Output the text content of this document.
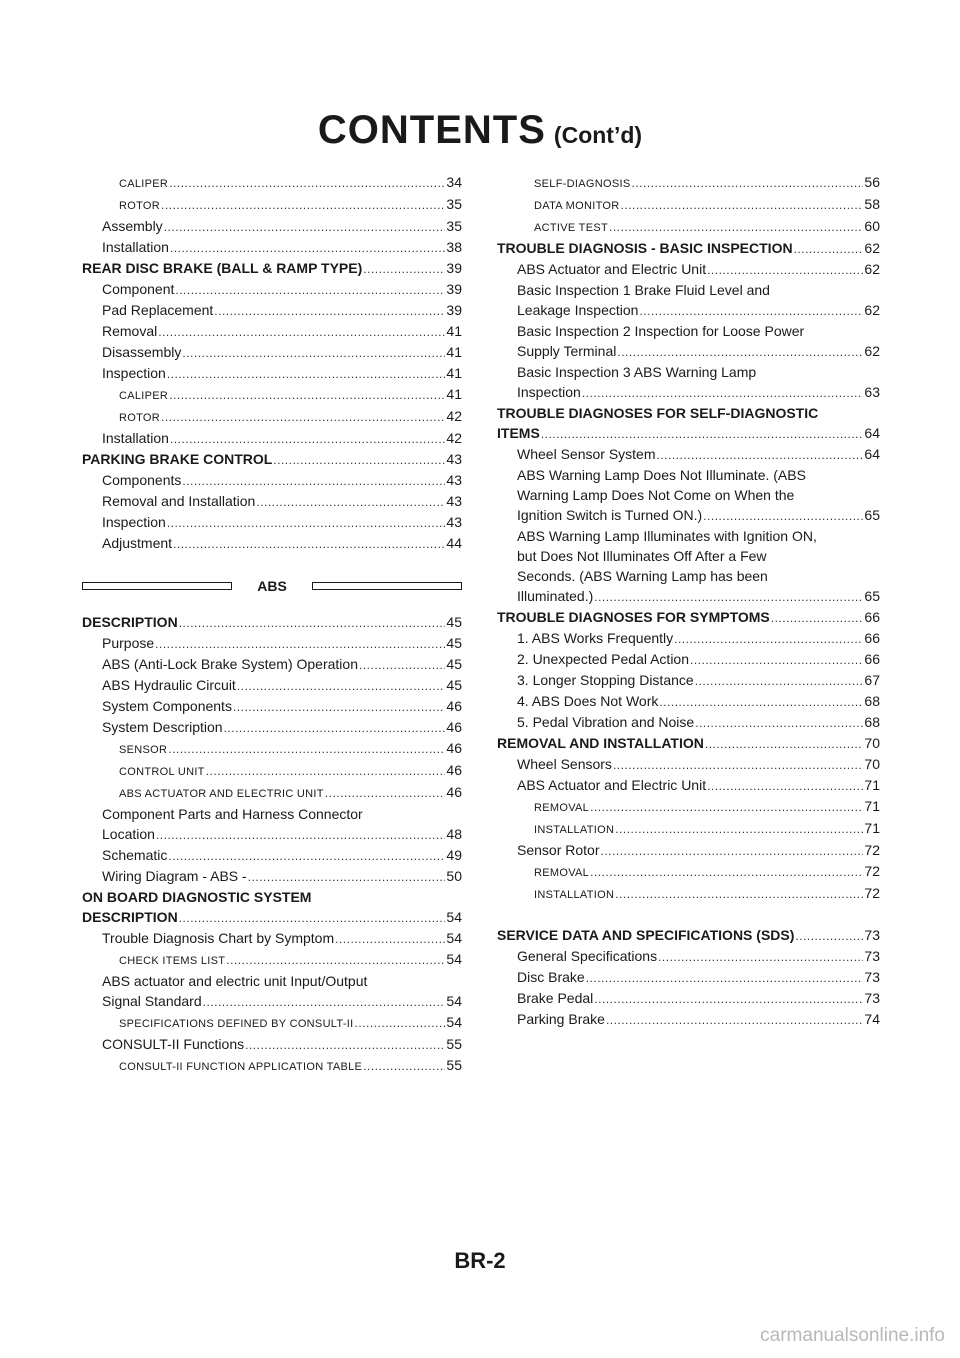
CONTENTS (Cont’d)
CALIPER .....	34
ROTOR .....	35
Assembly .....	35
Installation .....	38
REAR DISC BRAKE (BALL & RAMP TYPE) .....	39
Component .....	39
Pad Replacement .....	39
Removal .....	41
Disassembly .....	41
Inspection .....	41
CALIPER .....	41
ROTOR .....	42
Installation .....	42
PARKING BRAKE CONTROL .....	43
Components .....	43
Removal and Installation .....	43
Inspection .....	43
Adjustment .....	44
ABS
DESCRIPTION .....	45
Purpose .....	45
ABS (Anti-Lock Brake System) Operation .....	45
ABS Hydraulic Circuit .....	45
System Components .....	46
System Description .....	46
SENSOR .....	46
CONTROL UNIT .....	46
ABS ACTUATOR AND ELECTRIC UNIT .....	46
Component Parts and Harness Connector
Location .....	48
Schematic .....	49
Wiring Diagram - ABS - .....	50
ON BOARD DIAGNOSTIC SYSTEM
DESCRIPTION .....	54
Trouble Diagnosis Chart by Symptom .....	54
CHECK ITEMS LIST .....	54
ABS actuator and electric unit Input/Output
Signal Standard .....	54
SPECIFICATIONS DEFINED BY CONSULT-II .....	54
CONSULT-II Functions .....	55
CONSULT-II FUNCTION APPLICATION TABLE .....	55
SELF-DIAGNOSIS .....	56
DATA MONITOR .....	58
ACTIVE TEST .....	60
TROUBLE DIAGNOSIS - BASIC INSPECTION .....	62
ABS Actuator and Electric Unit .....	62
Basic Inspection 1 Brake Fluid Level and
Leakage Inspection .....	62
Basic Inspection 2 Inspection for Loose Power
Supply Terminal .....	62
Basic Inspection 3 ABS Warning Lamp
Inspection .....	63
TROUBLE DIAGNOSES FOR SELF-DIAGNOSTIC
ITEMS .....	64
Wheel Sensor System .....	64
ABS Warning Lamp Does Not Illuminate. (ABS
Warning Lamp Does Not Come on When the
Ignition Switch is Turned ON.) .....	65
ABS Warning Lamp Illuminates with Ignition ON,
but Does Not Illuminates Off After a Few
Seconds. (ABS Warning Lamp has been
Illuminated.) .....	65
TROUBLE DIAGNOSES FOR SYMPTOMS .....	66
1. ABS Works Frequently .....	66
2. Unexpected Pedal Action .....	66
3. Longer Stopping Distance .....	67
4. ABS Does Not Work .....	68
5. Pedal Vibration and Noise .....	68
REMOVAL AND INSTALLATION .....	70
Wheel Sensors .....	70
ABS Actuator and Electric Unit .....	71
REMOVAL .....	71
INSTALLATION .....	71
Sensor Rotor .....	72
REMOVAL .....	72
INSTALLATION .....	72
SERVICE DATA AND SPECIFICATIONS (SDS) .....	73
General Specifications .....	73
Disc Brake .....	73
Brake Pedal .....	73
Parking Brake .....	74
BR-2
carmanualsonline.info
